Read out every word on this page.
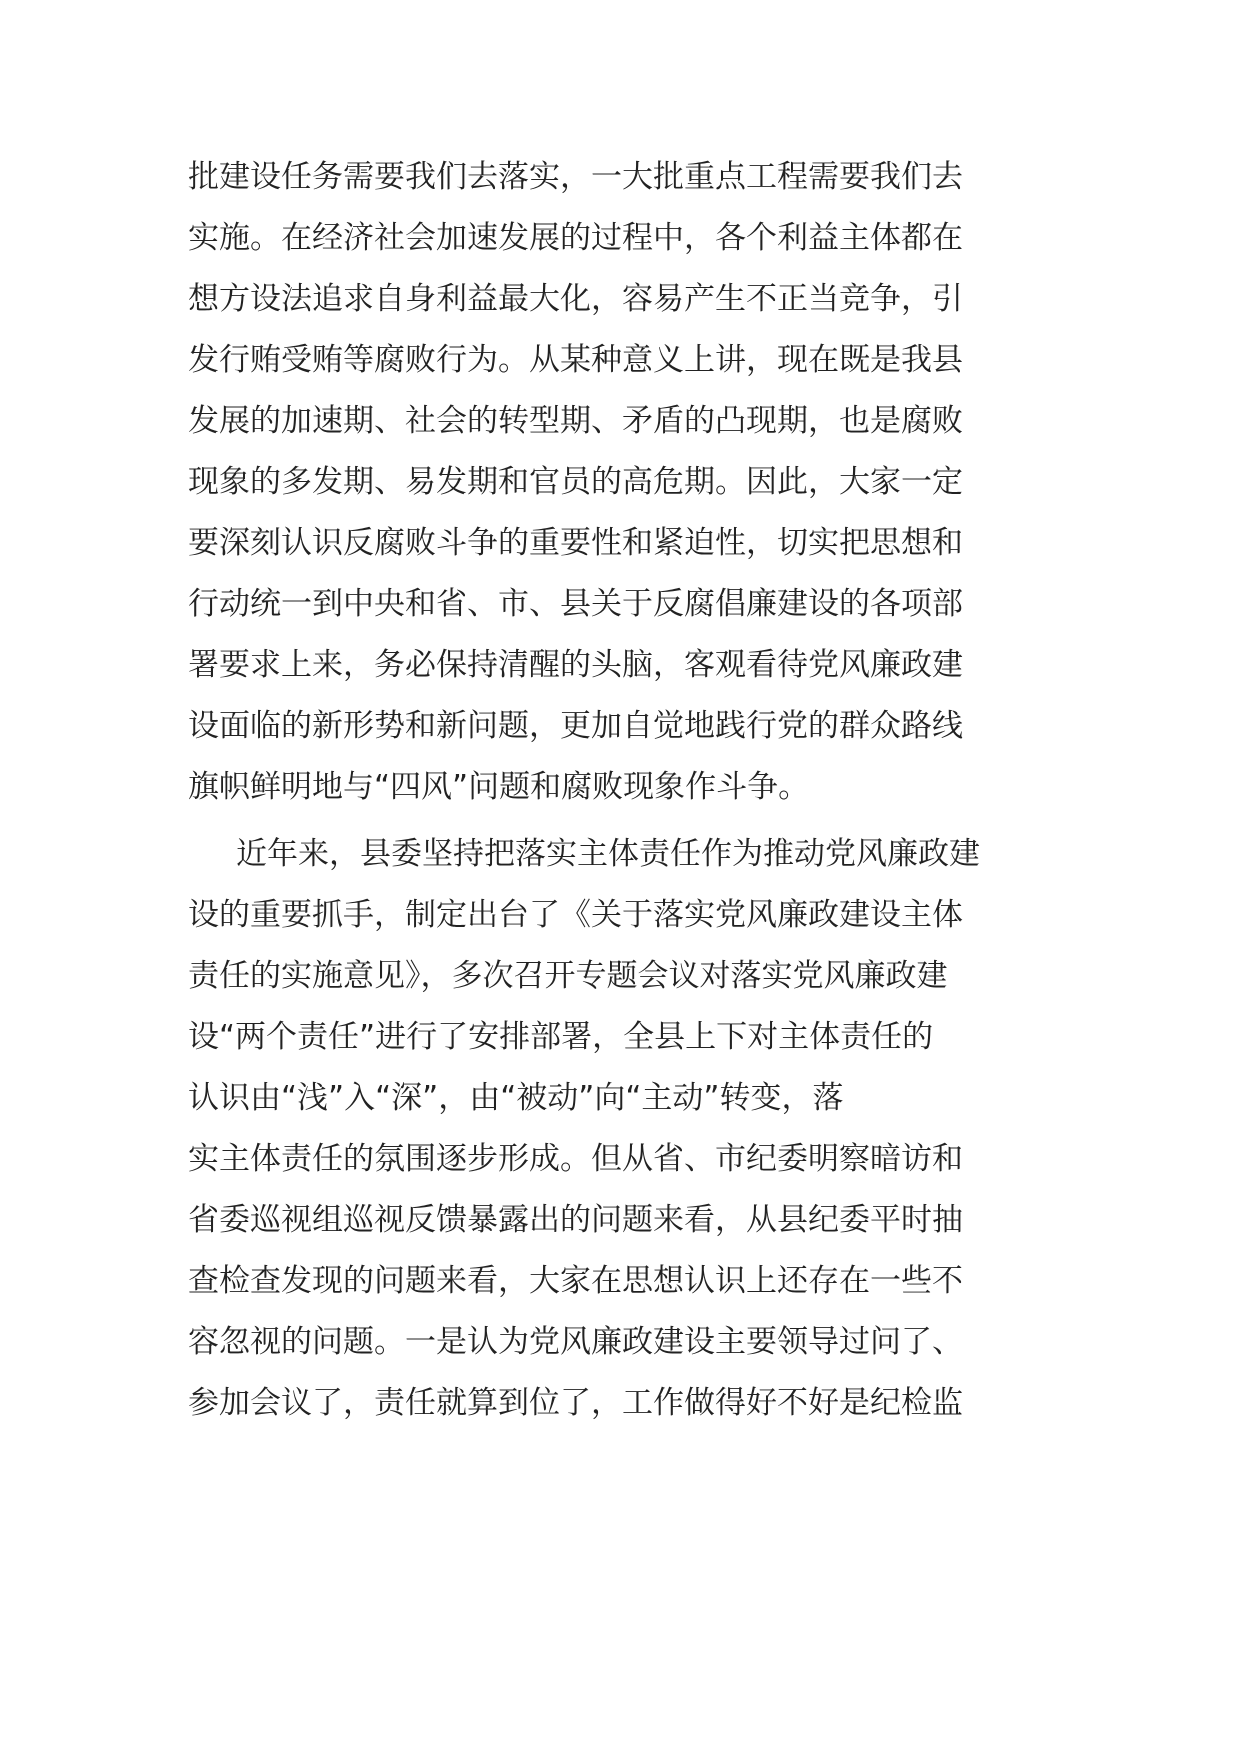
批建设任务需要我们去落实，一大批重点工程需要我们去
实施。在经济社会加速发展的过程中，各个利益主体都在
想方设法追求自身利益最大化，容易产生不正当竞争，引
发行贿受贿等腐败行为。从某种意义上讲，现在既是我县
发展的加速期、社会的转型期、矛盾的凸现期，也是腐败
现象的多发期、易发期和官员的高危期。因此，大家一定
要深刻认识反腐败斗争的重要性和紧迫性，切实把思想和
行动统一到中央和省、市、县关于反腐倡廉建设的各项部
署要求上来，务必保持清醒的头脑，客观看待党风廉政建
设面临的新形势和新问题，更加自觉地践行党的群众路线
旗帜鲜明地与“四风”问题和腐败现象作斗争。
近年来，县委坚持把落实主体责任作为推动党风廉政建
设的重要抓手，制定出台了《关于落实党风廉政建设主体
责任的实施意见》，多次召开专题会议对落实党风廉政建
设“两个责任”进行了安排部署，全县上下对主体责任的
认识由“浅”入“深”，由“被动”向“主动”转变，落
实主体责任的氛围逐步形成。但从省、市纪委明察暗访和
省委巡视组巡视反馈暴露出的问题来看，从县纪委平时抽
查检查发现的问题来看，大家在思想认识上还存在一些不
容忽视的问题。一是认为党风廉政建设主要领导过问了、
参加会议了，责任就算到位了，工作做得好不好是纪检监
